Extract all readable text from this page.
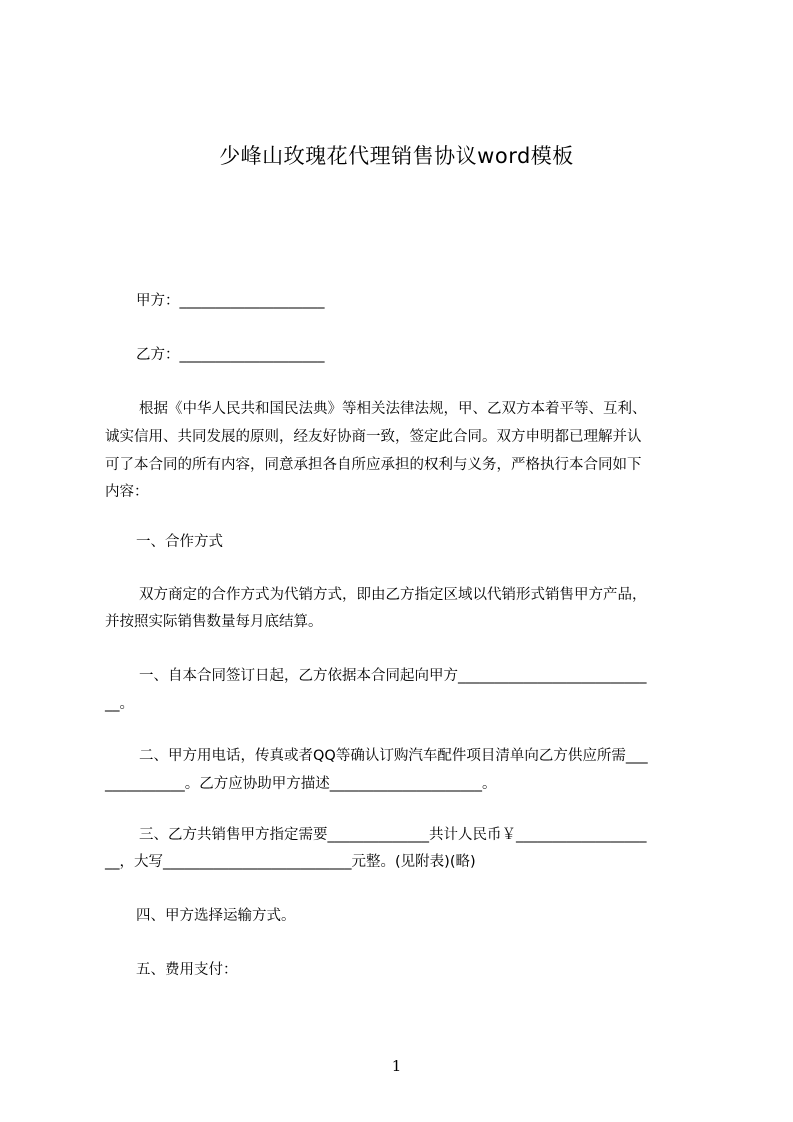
少峰山玫瑰花代理销售协议word模板
甲方：____________________
乙方：____________________
根据《中华人民共和国民法典》等相关法律法规，甲、乙双方本着平等、互利、
诚实信用、共同发展的原则，经友好协商一致，签定此合同。双方申明都已理解并认
可了本合同的所有内容，同意承担各自所应承担的权利与义务，严格执行本合同如下
内容：
一、合作方式
双方商定的合作方式为代销方式，即由乙方指定区域以代销形式销售甲方产品，
并按照实际销售数量每月底结算。
一、自本合同签订日起，乙方依据本合同起向甲方__________________________
__。
二、甲方用电话，传真或者QQ等确认订购汽车配件项目清单向乙方供应所需___
___________。乙方应协助甲方描述_____________________。
三、乙方共销售甲方指定需要______________共计人民币￥__________________
__，大写__________________________元整。(见附表)(略)
四、甲方选择运输方式。
五、费用支付：
1
